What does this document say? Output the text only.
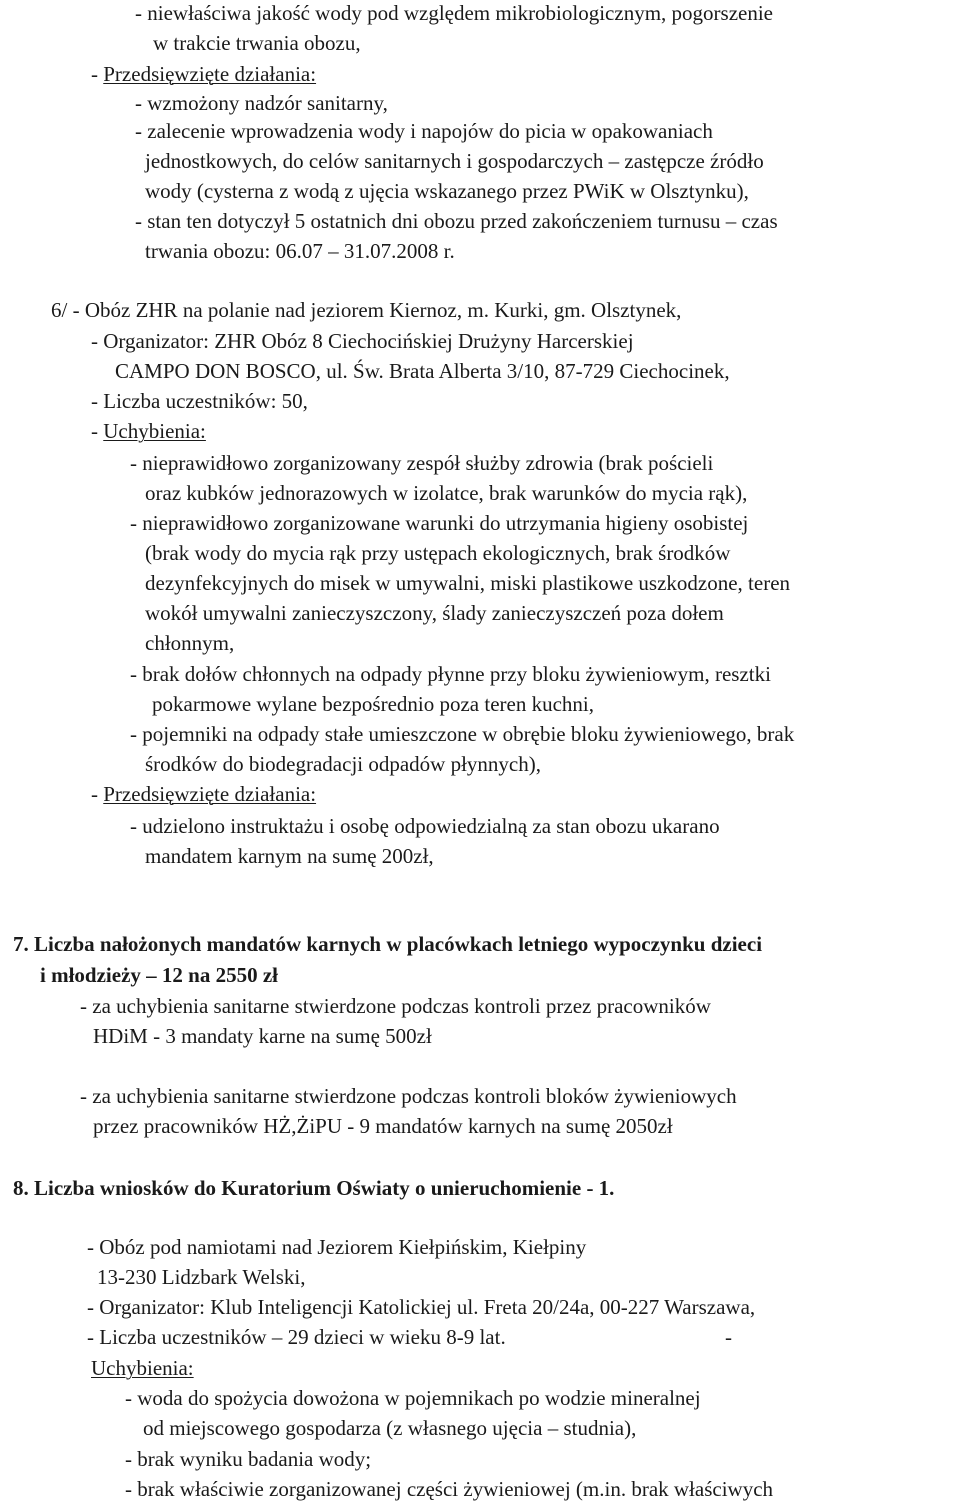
- niewłaściwa jakość wody pod względem mikrobiologicznym, pogorszenie
w trakcie trwania obozu,
- Przedsięwzięte działania:
- wzmożony nadzór sanitarny,
- zalecenie wprowadzenia wody i napojów do picia w opakowaniach
jednostkowych, do celów sanitarnych i gospodarczych – zastępcze źródło
wody (cysterna z wodą z ujęcia wskazanego przez PWiK w Olsztynku),
- stan ten dotyczył 5 ostatnich dni obozu przed zakończeniem turnusu – czas
trwania obozu: 06.07 – 31.07.2008 r.
6/ - Obóz ZHR na polanie nad jeziorem Kiernoz, m. Kurki, gm. Olsztynek,
- Organizator: ZHR Obóz 8 Ciechocińskiej Drużyny Harcerskiej
CAMPO DON BOSCO, ul. Św. Brata Alberta 3/10, 87-729 Ciechocinek,
- Liczba uczestników: 50,
- Uchybienia:
- nieprawidłowo zorganizowany zespół służby zdrowia (brak pościeli
oraz kubków jednorazowych w izolatce, brak warunków do mycia rąk),
- nieprawidłowo zorganizowane warunki do utrzymania higieny osobistej
(brak wody do mycia rąk przy ustępach ekologicznych, brak środków
dezynfekcyjnych do misek w umywalni, miski plastikowe uszkodzone, teren
wokół umywalni zanieczyszczony, ślady zanieczyszczeń poza dołem
chłonnym,
- brak dołów chłonnych na odpady płynne przy bloku żywieniowym, resztki
pokarmowe wylane bezpośrednio poza teren kuchni,
- pojemniki na odpady stałe umieszczone w obrębie bloku żywieniowego, brak
środków do biodegradacji odpadów płynnych),
- Przedsięwzięte działania:
- udzielono instruktażu i osobę odpowiedzialną za stan obozu ukarano
mandatem karnym na sumę 200zł,
7. Liczba nałożonych mandatów karnych w placówkach letniego wypoczynku dzieci
i młodzieży – 12 na 2550 zł
- za uchybienia sanitarne stwierdzone podczas kontroli przez pracowników
HDiM - 3 mandaty karne na sumę 500zł
- za uchybienia sanitarne stwierdzone podczas kontroli bloków żywieniowych
przez pracowników HŻ,ŻiPU - 9 mandatów karnych na sumę 2050zł
8. Liczba wniosków do Kuratorium Oświaty o unieruchomienie - 1.
- Obóz pod namiotami nad Jeziorem Kiełpińskim, Kiełpiny
13-230 Lidzbark Welski,
- Organizator: Klub Inteligencji Katolickiej ul. Freta 20/24a, 00-227 Warszawa,
- Liczba uczestników – 29 dzieci w wieku 8-9 lat.	-
Uchybienia:
- woda do spożycia dowożona w pojemnikach po wodzie mineralnej
od miejscowego gospodarza (z własnego ujęcia – studnia),
- brak wyniku badania wody;
- brak właściwie zorganizowanej części żywieniowej (m.in. brak właściwych
